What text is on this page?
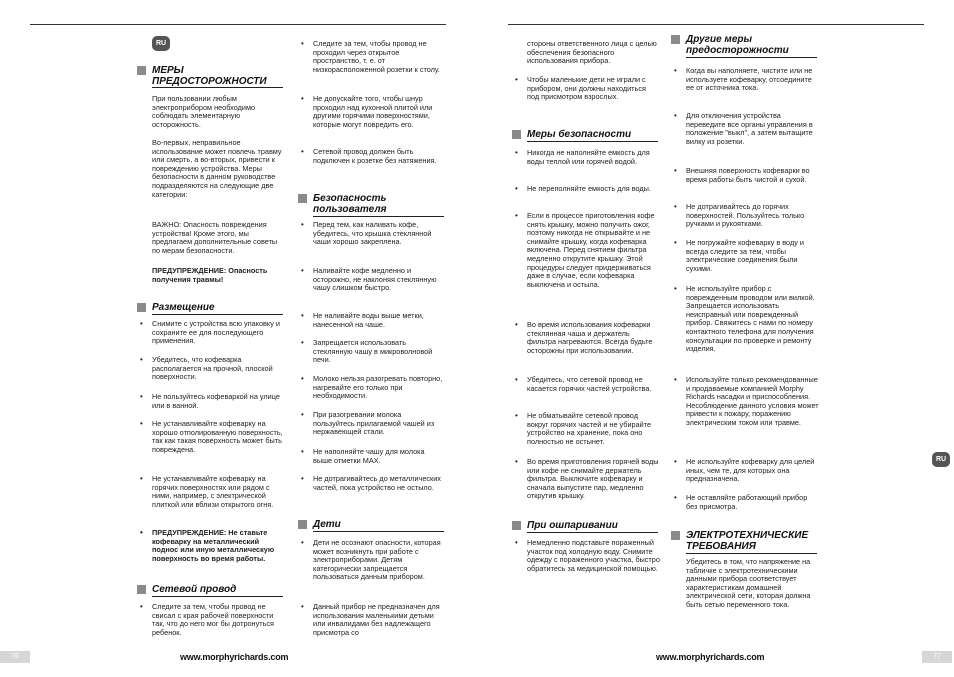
RU
RU
МЕРЫ
ПРЕДОСТОРОЖНОСТИ

При пользовании любым электроприбором необходимо соблюдать элементарную осторожность.

Во-первых, неправильное использование может повлечь травму или смерть, а во-вторых, привести к повреждению устройства. Меры безопасности в данном руководстве подразделяются на следующие две категории:

ВАЖНО: Опасность повреждения устройства! Кроме этого, мы предлагаем дополнительные советы по мерам безопасности.

ПРЕДУПРЕЖДЕНИЕ: Опасность получения травмы!

Размещение
• Снимите с устройства всю упаковку и сохраните ее для последующего применения.

• Убедитесь, что кофеварка располагается на прочной, плоской поверхности.

• Не пользуйтесь кофеваркой на улице или в ванной.

• Не устанавливайте кофеварку на хорошо отполированную поверхность, так как такая поверхность может быть повреждена.

• Не устанавливайте кофеварку на горячих поверхностях или рядом с ними, например, с электрической плиткой или вблизи открытого огня.

• ПРЕДУПРЕЖДЕНИЕ: Не ставьте кофеварку на металлический поднос или иную металлическую поверхность во время работы.

Сетевой провод
• Следите за тем, чтобы провод не свисал с края рабочей поверхности так, что до него мог бы дотронуться ребенок.

• Следите за тем, чтобы провод не проходил через открытое пространство, т. е. от низкорасположенной розетки к столу.

• Не допускайте того, чтобы шнур проходил над кухонной плитой или другими горячими поверхностями, которые могут повредить его.

• Сетевой провод должен быть подключен к розетке без натяжения.

Безопасность
пользователя
• Перед тем, как наливать кофе, убедитесь, что крышка стеклянной чаши хорошо закреплена.

• Наливайте кофе медленно и осторожно, не наклоняя стеклянную чашу слишком быстро.

• Не наливайте воды выше метки, нанесенной на чаше.

• Запрещается использовать стеклянную чашу в микроволновой печи.

• Молоко нельзя разогревать повторно, нагревайте его только при необходимости.

• При разогревании молока пользуйтесь прилагаемой чашей из нержавеющей стали.

• Не наполняйте чашу для молока выше отметки MAX.

• Не дотрагивайтесь до металлических частей, пока устройство не остыло.

Дети
• Дети не осознают опасности, которая может возникнуть при работе с электроприборами. Детям категорически запрещается пользоваться данным прибором.

• Данный прибор не предназначен для использования маленькими детьми или инвалидами без надлежащего присмотра со

стороны ответственного лица с целью обеспечения безопасного использования прибора.

• Чтобы маленькие дети не играли с прибором, они должны находиться под присмотром взрослых.

Меры безопасности
• Никогда не наполняйте емкость для воды теплой или горячей водой.

• Не переполняйте емкость для воды.

• Если в процессе приготовления кофе снять крышку, можно получить ожог, поэтому никогда не открывайте и не снимайте крышку, когда кофеварка включена. Перед снятием фильтра медленно открутите крышку. Этой процедуры следует придерживаться даже в случае, если кофеварка выключена и остыла.

• Во время использования кофеварки стеклянная чаша и держатель фильтра нагреваются. Всегда будьте осторожны при использовании.

• Убедитесь, что сетевой провод не касается горячих частей устройства.

• Не обматывайте сетевой провод вокруг горячих частей и не убирайте устройство на хранение, пока оно полностью не остынет.

• Во время приготовления горячей воды или кофе не снимайте держатель фильтра. Выключите кофеварку и сначала выпустите пар, медленно открутив крышку.

При ошпаривании
• Немедленно подставьте пораженный участок под холодную воду. Снимите одежду с пораженного участка, быстро обратитесь за медицинской помощью.

Другие меры
предосторожности
• Когда вы наполняете, чистите или не используете кофеварку, отсоедините ее от источника тока.

• Для отключения устройства переведите все органы управления в положение "выкл", а затем вытащите вилку из розетки.

• Внешняя поверхность кофеварки во время работы быть чистой и сухой.

• Не дотрагивайтесь до горячих поверхностей. Пользуйтесь только ручками и рукоятками.

• Не погружайте кофеварку в воду и всегда следите за тем, чтобы электрические соединения были сухими.

• Не используйте прибор с поврежденным проводом или вилкой. Запрещается использовать неисправный или поврежденный прибор. Свяжитесь с нами по номеру контактного телефона для получения консультации по проверке и ремонту изделия.

• Используйте только рекомендованные и продаваемые компанией Morphy Richards насадки и приспособления. Несоблюдение данного условия может привести к пожару, поражению электрическим током или травме.

• Не используйте кофеварку для целей иных, чем те, для которых она предназначена.

• Не оставляйте работающий прибор без присмотра.

ЭЛЕКТРОТЕХНИЧЕСКИЕ
ТРЕБОВАНИЯ

Убедитесь в том, что напряжение на табличке с электротехническими данными прибора соответствует характеристикам домашней электрической сети, которая должна быть сетью переменного тока.

76	www.morphyrichards.com	www.morphyrichards.com	77
